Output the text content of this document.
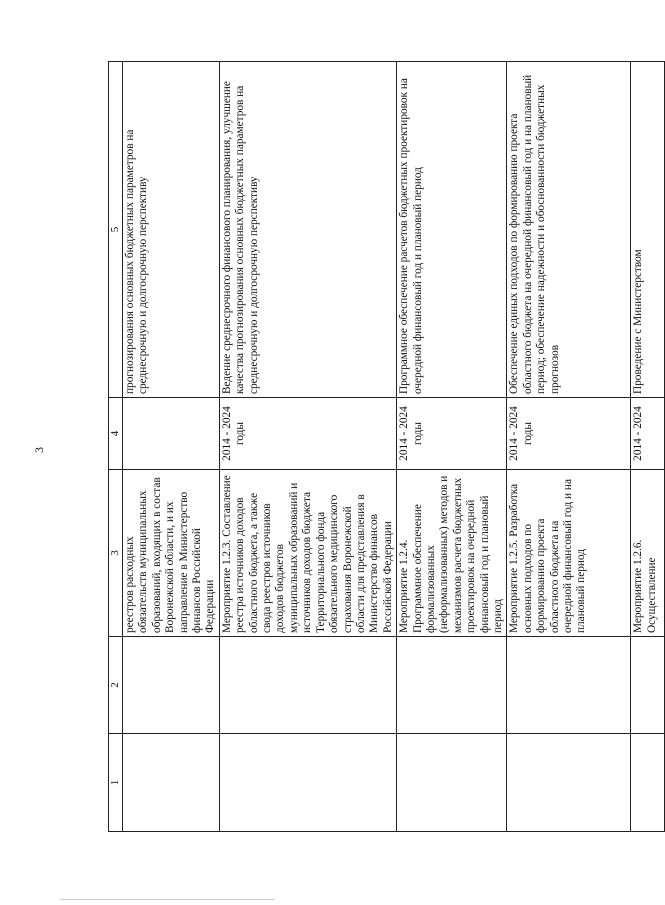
3
1	2	3	4	5
		реестров расходных обязательств муниципальных образований, входящих в состав Воронежской области, и их направление в Министерство финансов Российской Федерации		прогнозирования основных бюджетных параметров на среднесрочную и долгосрочную перспективу
		Мероприятие 1.2.3. Составление реестра источников доходов областного бюджета, а также свода реестров источников доходов бюджетов муниципальных образований и источников доходов бюджета Территориального фонда обязательного медицинского страхования Воронежской области для представления в Министерство финансов Российской Федерации	2014 - 2024 годы	Ведение среднесрочного финансового планирования, улучшение качества прогнозирования основных бюджетных параметров на среднесрочную и долгосрочную перспективу
		Мероприятие 1.2.4. Программное обеспечение формализованных (неформализованных) методов и механизмов расчета бюджетных проектировок на очередной финансовый год и плановый период	2014 - 2024 годы	Программное обеспечение расчетов бюджетных проектировок на очередной финансовый год и плановый период
		Мероприятие 1.2.5. Разработка основных подходов по формированию проекта областного бюджета на очередной финансовый год и на плановый период	2014 - 2024 годы	Обеспечение единых подходов по формированию проекта областного бюджета на очередной финансовый год и на плановый период; обеспечение надежности и обоснованности бюджетных прогнозов
		Мероприятие 1.2.6. Осуществление	2014 - 2024	Проведение с Министерством
